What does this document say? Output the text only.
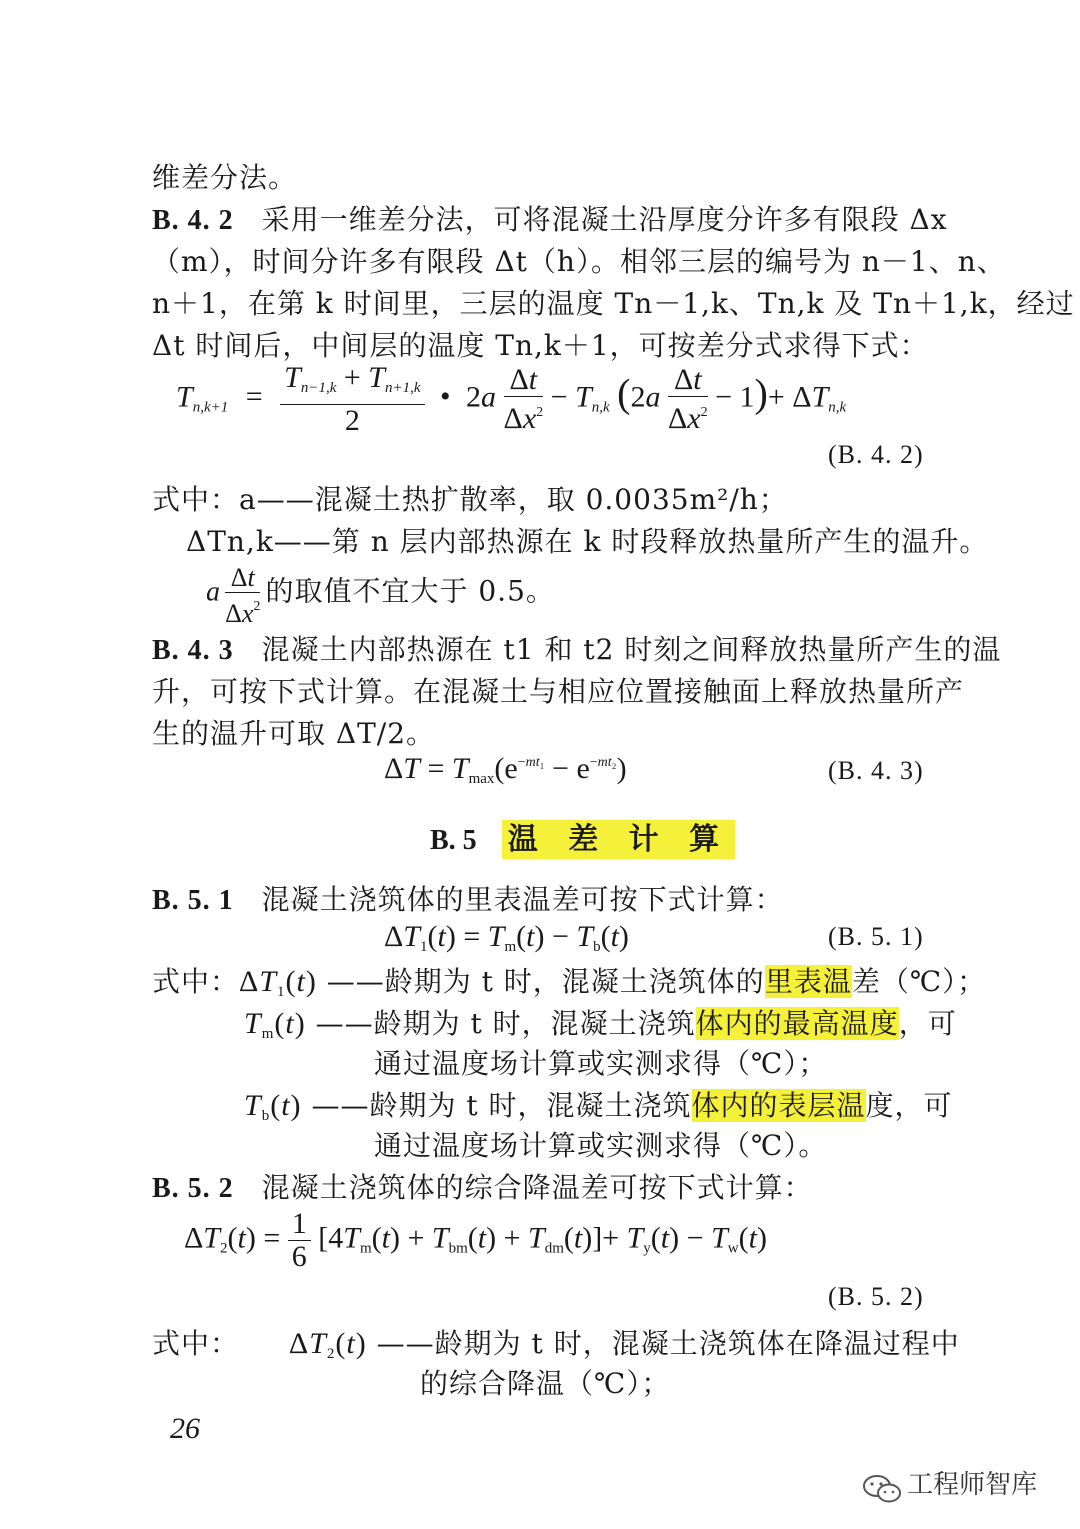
维差分法。
B. 4. 2 采用一维差分法，可将混凝土沿厚度分许多有限段 Δx
（m），时间分许多有限段 Δt（h）。相邻三层的编号为 n－1、n、
n＋1，在第 k 时间里，三层的温度 Tn－1,k、Tn,k 及 Tn＋1,k，经过
Δt 时间后，中间层的温度 Tn,k＋1，可按差分式求得下式：
$T_{n,k+1} = \frac{T_{n-1,k} + T_{n+1,k}}{2}$ • $2a \frac{\Delta t}{\Delta x^2} - T_{n,k}$ $(2a \frac{\Delta t}{\Delta x^2} - 1)+ \Delta T_{n,k}$
(B. 4. 2)
式中：a——混凝土热扩散率，取 0.0035m²/h；
ΔTn,k——第 n 层内部热源在 k 时段释放热量所产生的温升。
a $\frac{\Delta t}{\Delta x^2}$ 的取值不宜大于 0.5。
B. 4. 3 混凝土内部热源在 t1 和 t2 时刻之间释放热量所产生的温
升，可按下式计算。在混凝土与相应位置接触面上释放热量所产
生的温升可取 ΔT/2。
$\Delta T = T_{max}(e^{-mt_1} - e^{-mt_2})$	(B. 4. 3)
B. 5 温 差 计 算
B. 5. 1 混凝土浇筑体的里表温差可按下式计算：
$\Delta T_1(t) = T_m(t) - T_b(t)$	(B. 5. 1)
式中：$\Delta T_1(t)$ ——龄期为 t 时，混凝土浇筑体的里表温差（℃）；
$T_m(t)$ ——龄期为 t 时，混凝土浇筑体内的最高温度，可
通过温度场计算或实测求得（℃）；
$T_b(t)$ ——龄期为 t 时，混凝土浇筑体内的表层温度，可
通过温度场计算或实测求得（℃）。
B. 5. 2 混凝土浇筑体的综合降温差可按下式计算：
$\Delta T_2(t) = \frac{1}{6} [4T_m(t) + T_{bm}(t) + T_{dm}(t)]+ T_y(t) - T_w(t)$
(B. 5. 2)
式中： $\Delta T_2(t)$ ——龄期为 t 时，混凝土浇筑体在降温过程中
的综合降温（℃）；
26
工程师智库
